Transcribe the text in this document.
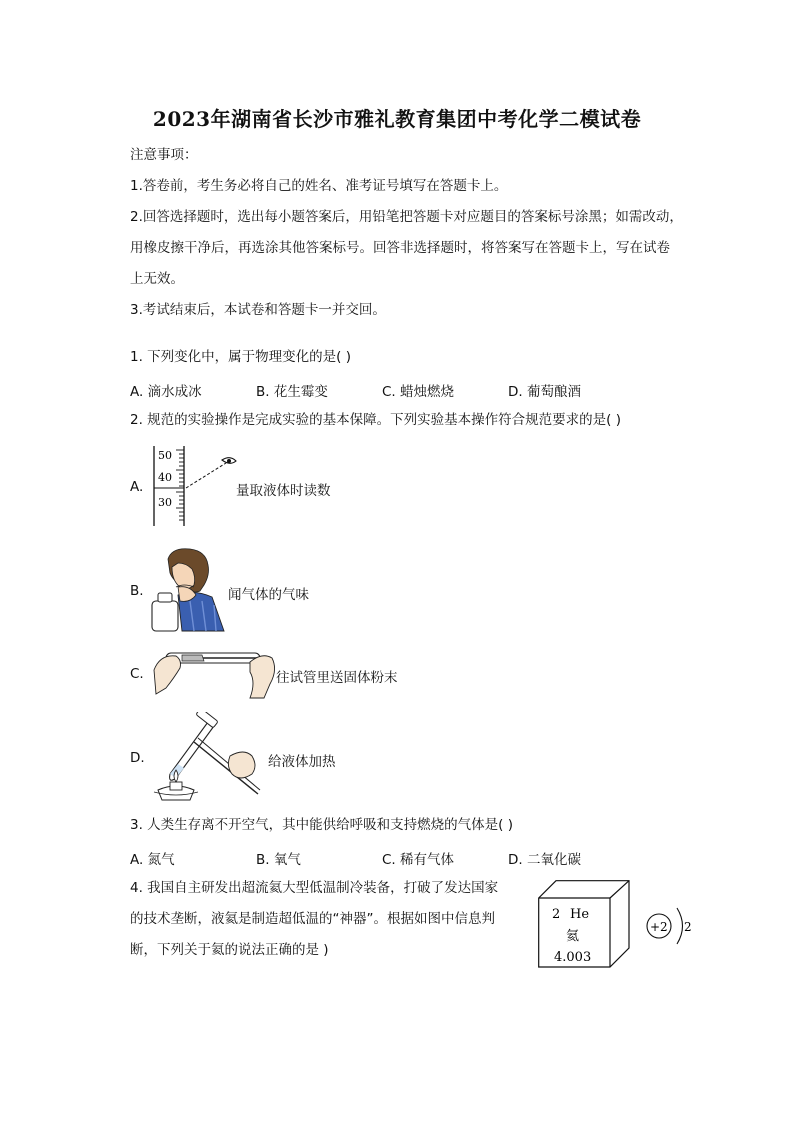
2023年湖南省长沙市雅礼教育集团中考化学二模试卷
注意事项：
1.答卷前，考生务必将自己的姓名、准考证号填写在答题卡上。
2.回答选择题时，选出每小题答案后，用铅笔把答题卡对应题目的答案标号涂黑；如需改动，
用橡皮擦干净后，再选涂其他答案标号。回答非选择题时，将答案写在答题卡上，写在试卷
上无效。
3.考试结束后，本试卷和答题卡一并交回。
1. 下列变化中，属于物理变化的是( )
A. 滴水成冰	B. 花生霉变	C. 蜡烛燃烧	D. 葡萄酿酒
2. 规范的实验操作是完成实验的基本保障。下列实验基本操作符合规范要求的是( )
A.
50
40
30
量取液体时读数
B.	闻气体的气味
C.	往试管里送固体粉末
D.	给液体加热
3. 人类生存离不开空气，其中能供给呼吸和支持燃烧的气体是( )
A. 氮气	B. 氧气	C. 稀有气体	D. 二氧化碳
4. 我国自主研发出超流氦大型低温制冷装备，打破了发达国家
的技术垄断，液氦是制造超低温的“神器”。根据如图中信息判
断，下列关于氦的说法正确的是 )
2 He
氦
4.003
+2 2
